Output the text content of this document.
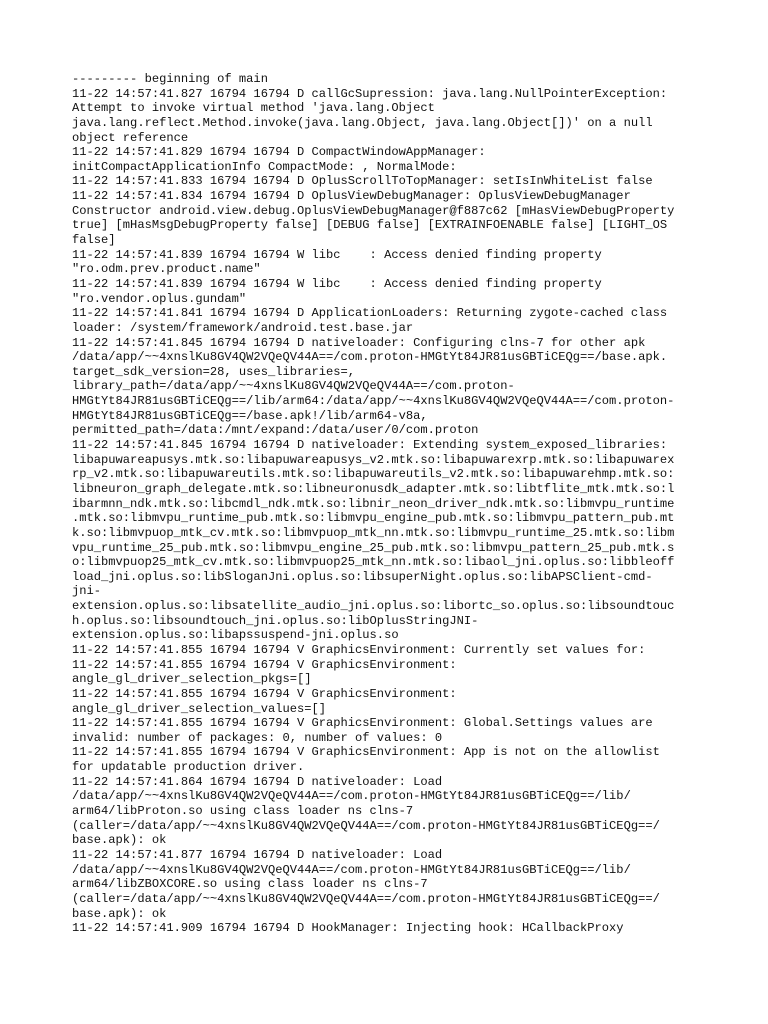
--------- beginning of main
11-22 14:57:41.827 16794 16794 D callGcSupression: java.lang.NullPointerException:
Attempt to invoke virtual method 'java.lang.Object
java.lang.reflect.Method.invoke(java.lang.Object, java.lang.Object[])' on a null
object reference
11-22 14:57:41.829 16794 16794 D CompactWindowAppManager:
initCompactApplicationInfo CompactMode: , NormalMode:
11-22 14:57:41.833 16794 16794 D OplusScrollToTopManager: setIsInWhiteList false
11-22 14:57:41.834 16794 16794 D OplusViewDebugManager: OplusViewDebugManager
Constructor android.view.debug.OplusViewDebugManager@f887c62 [mHasViewDebugProperty
true] [mHasMsgDebugProperty false] [DEBUG false] [EXTRAINFOENABLE false] [LIGHT_OS
false]
11-22 14:57:41.839 16794 16794 W libc    : Access denied finding property
"ro.odm.prev.product.name"
11-22 14:57:41.839 16794 16794 W libc    : Access denied finding property
"ro.vendor.oplus.gundam"
11-22 14:57:41.841 16794 16794 D ApplicationLoaders: Returning zygote-cached class
loader: /system/framework/android.test.base.jar
11-22 14:57:41.845 16794 16794 D nativeloader: Configuring clns-7 for other apk
/data/app/~~4xnslKu8GV4QW2VQeQV44A==/com.proton-HMGtYt84JR81usGBTiCEQg==/base.apk.
target_sdk_version=28, uses_libraries=,
library_path=/data/app/~~4xnslKu8GV4QW2VQeQV44A==/com.proton-
HMGtYt84JR81usGBTiCEQg==/lib/arm64:/data/app/~~4xnslKu8GV4QW2VQeQV44A==/com.proton-
HMGtYt84JR81usGBTiCEQg==/base.apk!/lib/arm64-v8a,
permitted_path=/data:/mnt/expand:/data/user/0/com.proton
11-22 14:57:41.845 16794 16794 D nativeloader: Extending system_exposed_libraries:
libapuwareapusys.mtk.so:libapuwareapusys_v2.mtk.so:libapuwarexrp.mtk.so:libapuwarex
rp_v2.mtk.so:libapuwareutils.mtk.so:libapuwareutils_v2.mtk.so:libapuwarehmp.mtk.so:
libneuron_graph_delegate.mtk.so:libneuronusdk_adapter.mtk.so:libtflite_mtk.mtk.so:l
ibarmnn_ndk.mtk.so:libcmdl_ndk.mtk.so:libnir_neon_driver_ndk.mtk.so:libmvpu_runtime
.mtk.so:libmvpu_runtime_pub.mtk.so:libmvpu_engine_pub.mtk.so:libmvpu_pattern_pub.mt
k.so:libmvpuop_mtk_cv.mtk.so:libmvpuop_mtk_nn.mtk.so:libmvpu_runtime_25.mtk.so:libm
vpu_runtime_25_pub.mtk.so:libmvpu_engine_25_pub.mtk.so:libmvpu_pattern_25_pub.mtk.s
o:libmvpuop25_mtk_cv.mtk.so:libmvpuop25_mtk_nn.mtk.so:libaol_jni.oplus.so:libbleoff
load_jni.oplus.so:libSloganJni.oplus.so:libsuperNight.oplus.so:libAPSClient-cmd-
jni-
extension.oplus.so:libsatellite_audio_jni.oplus.so:libortc_so.oplus.so:libsoundtouc
h.oplus.so:libsoundtouch_jni.oplus.so:libOplusStringJNI-
extension.oplus.so:libapssuspend-jni.oplus.so
11-22 14:57:41.855 16794 16794 V GraphicsEnvironment: Currently set values for:
11-22 14:57:41.855 16794 16794 V GraphicsEnvironment:
angle_gl_driver_selection_pkgs=[]
11-22 14:57:41.855 16794 16794 V GraphicsEnvironment:
angle_gl_driver_selection_values=[]
11-22 14:57:41.855 16794 16794 V GraphicsEnvironment: Global.Settings values are
invalid: number of packages: 0, number of values: 0
11-22 14:57:41.855 16794 16794 V GraphicsEnvironment: App is not on the allowlist
for updatable production driver.
11-22 14:57:41.864 16794 16794 D nativeloader: Load
/data/app/~~4xnslKu8GV4QW2VQeQV44A==/com.proton-HMGtYt84JR81usGBTiCEQg==/lib/
arm64/libProton.so using class loader ns clns-7
(caller=/data/app/~~4xnslKu8GV4QW2VQeQV44A==/com.proton-HMGtYt84JR81usGBTiCEQg==/
base.apk): ok
11-22 14:57:41.877 16794 16794 D nativeloader: Load
/data/app/~~4xnslKu8GV4QW2VQeQV44A==/com.proton-HMGtYt84JR81usGBTiCEQg==/lib/
arm64/libZBOXCORE.so using class loader ns clns-7
(caller=/data/app/~~4xnslKu8GV4QW2VQeQV44A==/com.proton-HMGtYt84JR81usGBTiCEQg==/
base.apk): ok
11-22 14:57:41.909 16794 16794 D HookManager: Injecting hook: HCallbackProxy
